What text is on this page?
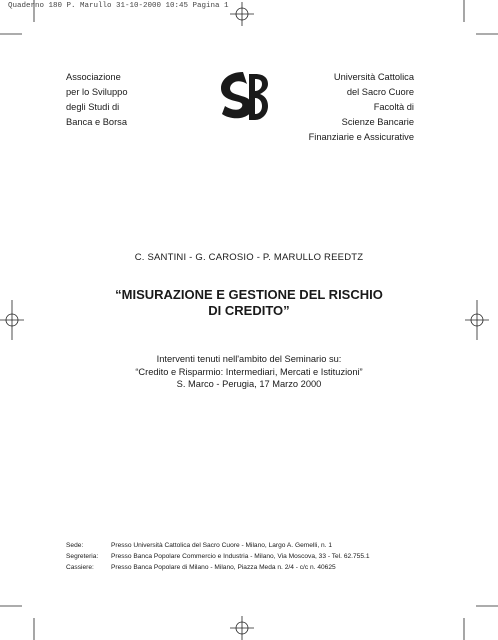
Quaderno 180 P. Marullo 31-10-2000 10:45 Pagina 1
Associazione
per lo Sviluppo
degli Studi di
Banca e Borsa
Università Cattolica
del Sacro Cuore
Facoltà di
Scienze Bancarie
Finanziarie e Assicurative
C. SANTINI - G. CAROSIO - P. MARULLO REEDTZ
“MISURAZIONE E GESTIONE DEL RISCHIO
DI CREDITO”
Interventi tenuti nell'ambito del Seminario su:
“Credito e Risparmio: Intermediari, Mercati e Istituzioni”
S. Marco - Perugia, 17 Marzo 2000
Sede:	Presso Università Cattolica del Sacro Cuore - Milano, Largo A. Gemelli, n. 1
Segreteria: Presso Banca Popolare Commercio e Industria - Milano, Via Moscova, 33 - Tel. 62.755.1
Cassiere:	Presso Banca Popolare di Milano - Milano, Piazza Meda n. 2/4 - c/c n. 40625
